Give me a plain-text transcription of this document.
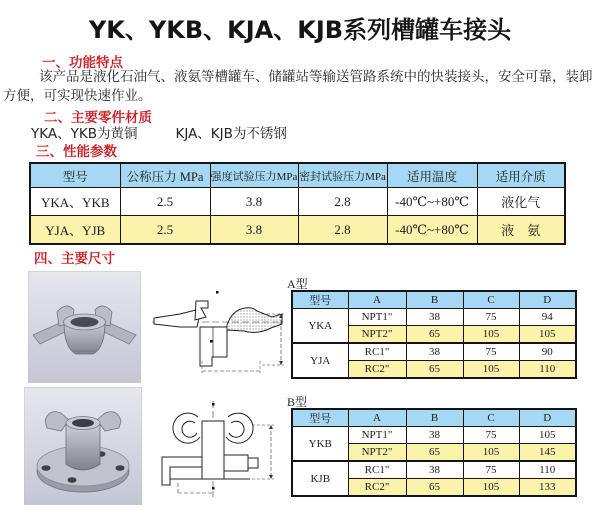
YK、YKB、KJA、KJB系列槽罐车接头
一、功能特点
该产品是液化石油气、液氨等槽罐车、储罐站等输送管路系统中的快装接头，安全可靠，装卸方便，可实现快速作业。
二、主要零件材质
YKA、YKB为黄铜	KJA、KJB为不锈钢
三、性能参数
型号	公称压力 MPa	强度试验压力MPa	密封试验压力MPa	适用温度	适用介质
YKA、YKB	2.5	3.8	2.8	-40℃~+80℃	液化气
YJA、YJB	2.5	3.8	2.8	-40℃~+80℃	液　氨
四、主要尺寸
A型
型号	A	B	C	D
YKA	NPT1"	38	75	94
	NPT2"	65	105	105
YJA	RC1"	38	75	90
	RC2"	65	105	110
B型
型号	A	B	C	D
YKB	NPT1"	38	75	105
	NPT2"	65	105	145
KJB	RC1"	38	75	110
	RC2"	65	105	133
